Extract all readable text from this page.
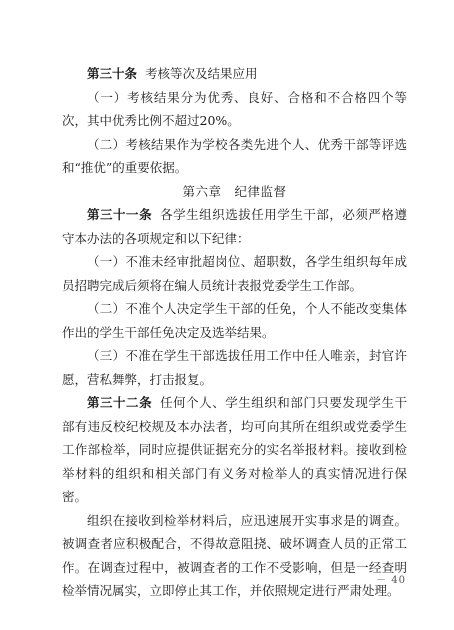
第三十条 考核等次及结果应用

（一）考核结果分为优秀、良好、合格和不合格四个等次，其中优秀比例不超过20%。

（二）考核结果作为学校各类先进个人、优秀干部等评选和“推优”的重要依据。

第六章　纪律监督

第三十一条 各学生组织选拔任用学生干部，必须严格遵守本办法的各项规定和以下纪律：

（一）不准未经审批超岗位、超职数，各学生组织每年成员招聘完成后须将在编人员统计表报党委学生工作部。

（二）不准个人决定学生干部的任免，个人不能改变集体作出的学生干部任免决定及选举结果。

（三）不准在学生干部选拔任用工作中任人唯亲，封官许愿，营私舞弊，打击报复。

第三十二条 任何个人、学生组织和部门只要发现学生干部有违反校纪校规及本办法者，均可向其所在组织或党委学生工作部检举，同时应提供证据充分的实名举报材料。接收到检举材料的组织和相关部门有义务对检举人的真实情况进行保密。

组织在接收到检举材料后，应迅速展开实事求是的调查。被调查者应积极配合，不得故意阻挠、破坏调查人员的正常工作。在调查过程中，被调查者的工作不受影响，但是一经查明检举情况属实，立即停止其工作，并依照规定进行严肃处理。

－ 40
